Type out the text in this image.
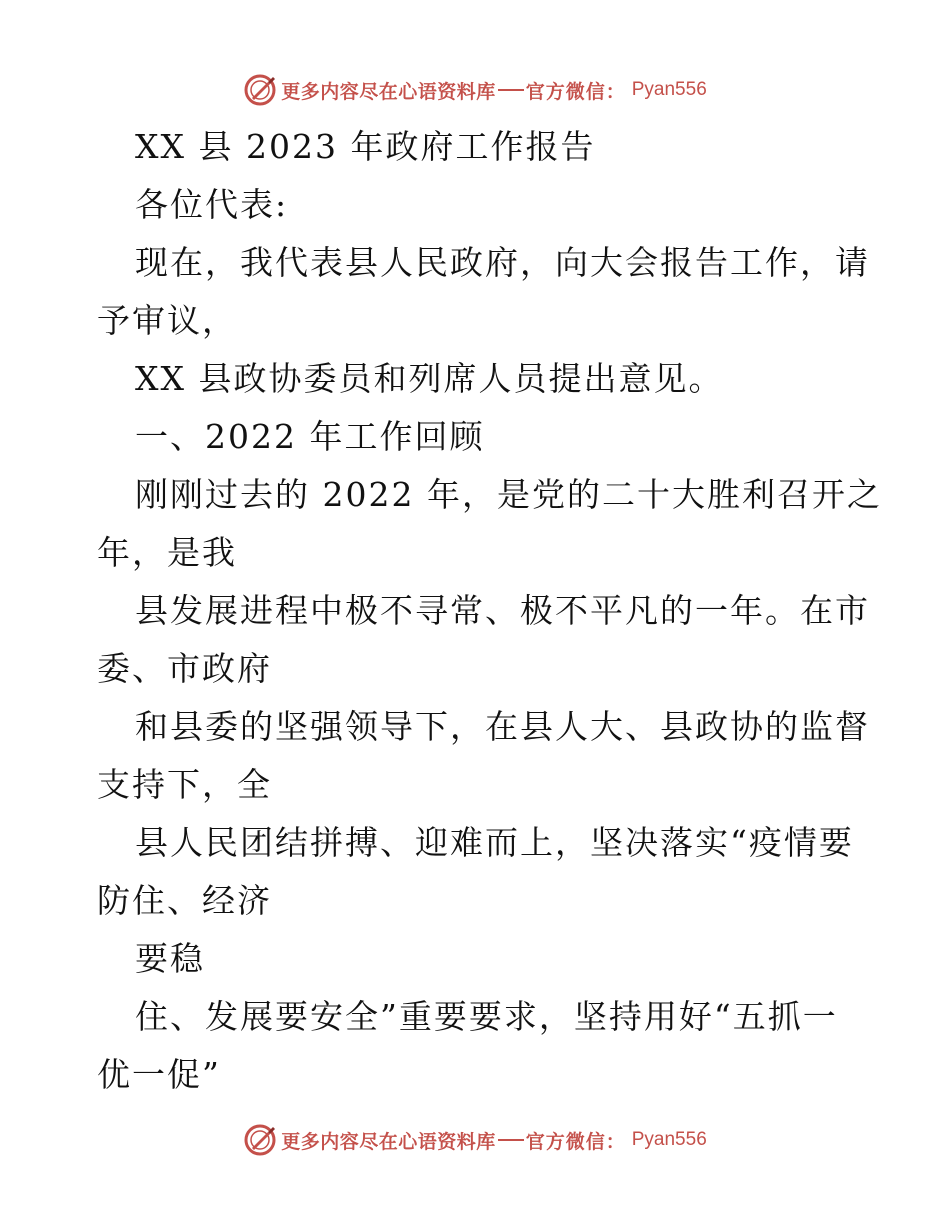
更多内容尽在心语资料库 官方微信： Pyan556
XX 县 2023 年政府工作报告
各位代表:
现在，我代表县人民政府，向大会报告工作，请
予审议，
XX 县政协委员和列席人员提出意见。
一、2022 年工作回顾
刚刚过去的 2022 年，是党的二十大胜利召开之
年，是我
县发展进程中极不寻常、极不平凡的一年。在市
委、市政府
和县委的坚强领导下，在县人大、县政协的监督
支持下，全
县人民团结拼搏、迎难而上，坚决落实“疫情要
防住、经济
要稳
住、发展要安全”重要要求，坚持用好“五抓一
优一促”
更多内容尽在心语资料库 官方微信： Pyan556
